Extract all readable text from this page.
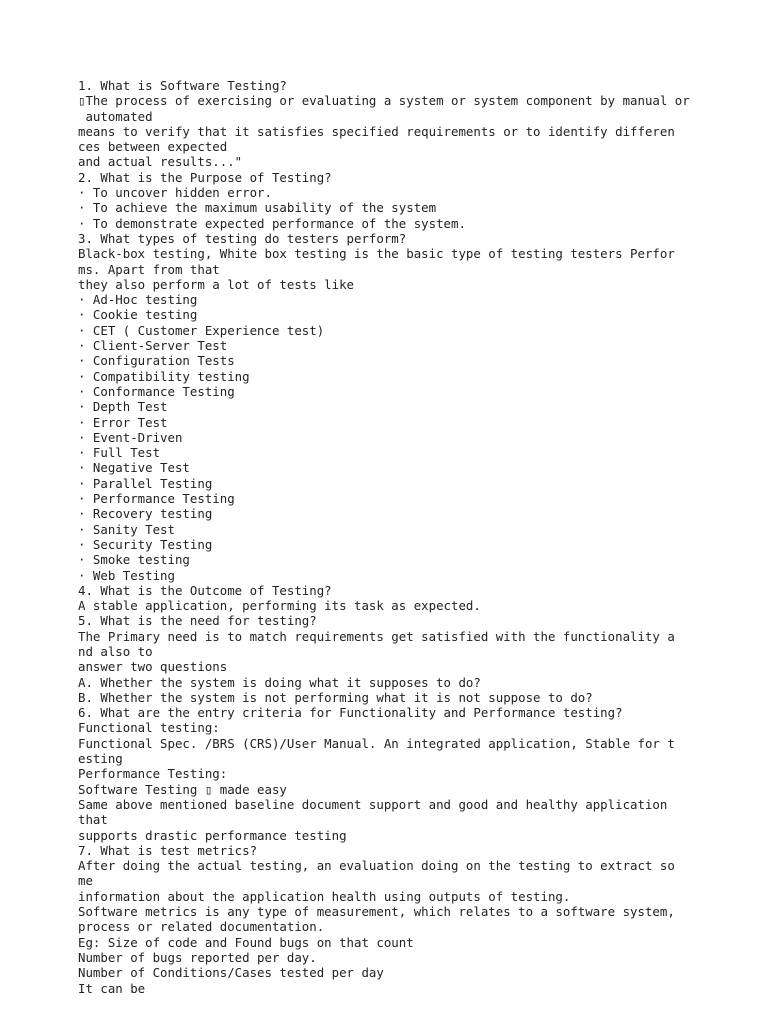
1. What is Software Testing?
▯The process of exercising or evaluating a system or system component by manual or
automated
means to verify that it satisfies specified requirements or to identify differen
ces between expected
and actual results..."
2. What is the Purpose of Testing?
· To uncover hidden error.
· To achieve the maximum usability of the system
· To demonstrate expected performance of the system.
3. What types of testing do testers perform?
Black-box testing, White box testing is the basic type of testing testers Perfor
ms. Apart from that
they also perform a lot of tests like
· Ad-Hoc testing
· Cookie testing
· CET ( Customer Experience test)
· Client-Server Test
· Configuration Tests
· Compatibility testing
· Conformance Testing
· Depth Test
· Error Test
· Event-Driven
· Full Test
· Negative Test
· Parallel Testing
· Performance Testing
· Recovery testing
· Sanity Test
· Security Testing
· Smoke testing
· Web Testing
4. What is the Outcome of Testing?
A stable application, performing its task as expected.
5. What is the need for testing?
The Primary need is to match requirements get satisfied with the functionality a
nd also to
answer two questions
A. Whether the system is doing what it supposes to do?
B. Whether the system is not performing what it is not suppose to do?
6. What are the entry criteria for Functionality and Performance testing?
Functional testing:
Functional Spec. /BRS (CRS)/User Manual. An integrated application, Stable for t
esting
Performance Testing:
Software Testing ▯ made easy
Same above mentioned baseline document support and good and healthy application
that
supports drastic performance testing
7. What is test metrics?
After doing the actual testing, an evaluation doing on the testing to extract so
me
information about the application health using outputs of testing.
Software metrics is any type of measurement, which relates to a software system,
process or related documentation.
Eg: Size of code and Found bugs on that count
Number of bugs reported per day.
Number of Conditions/Cases tested per day
It can be
